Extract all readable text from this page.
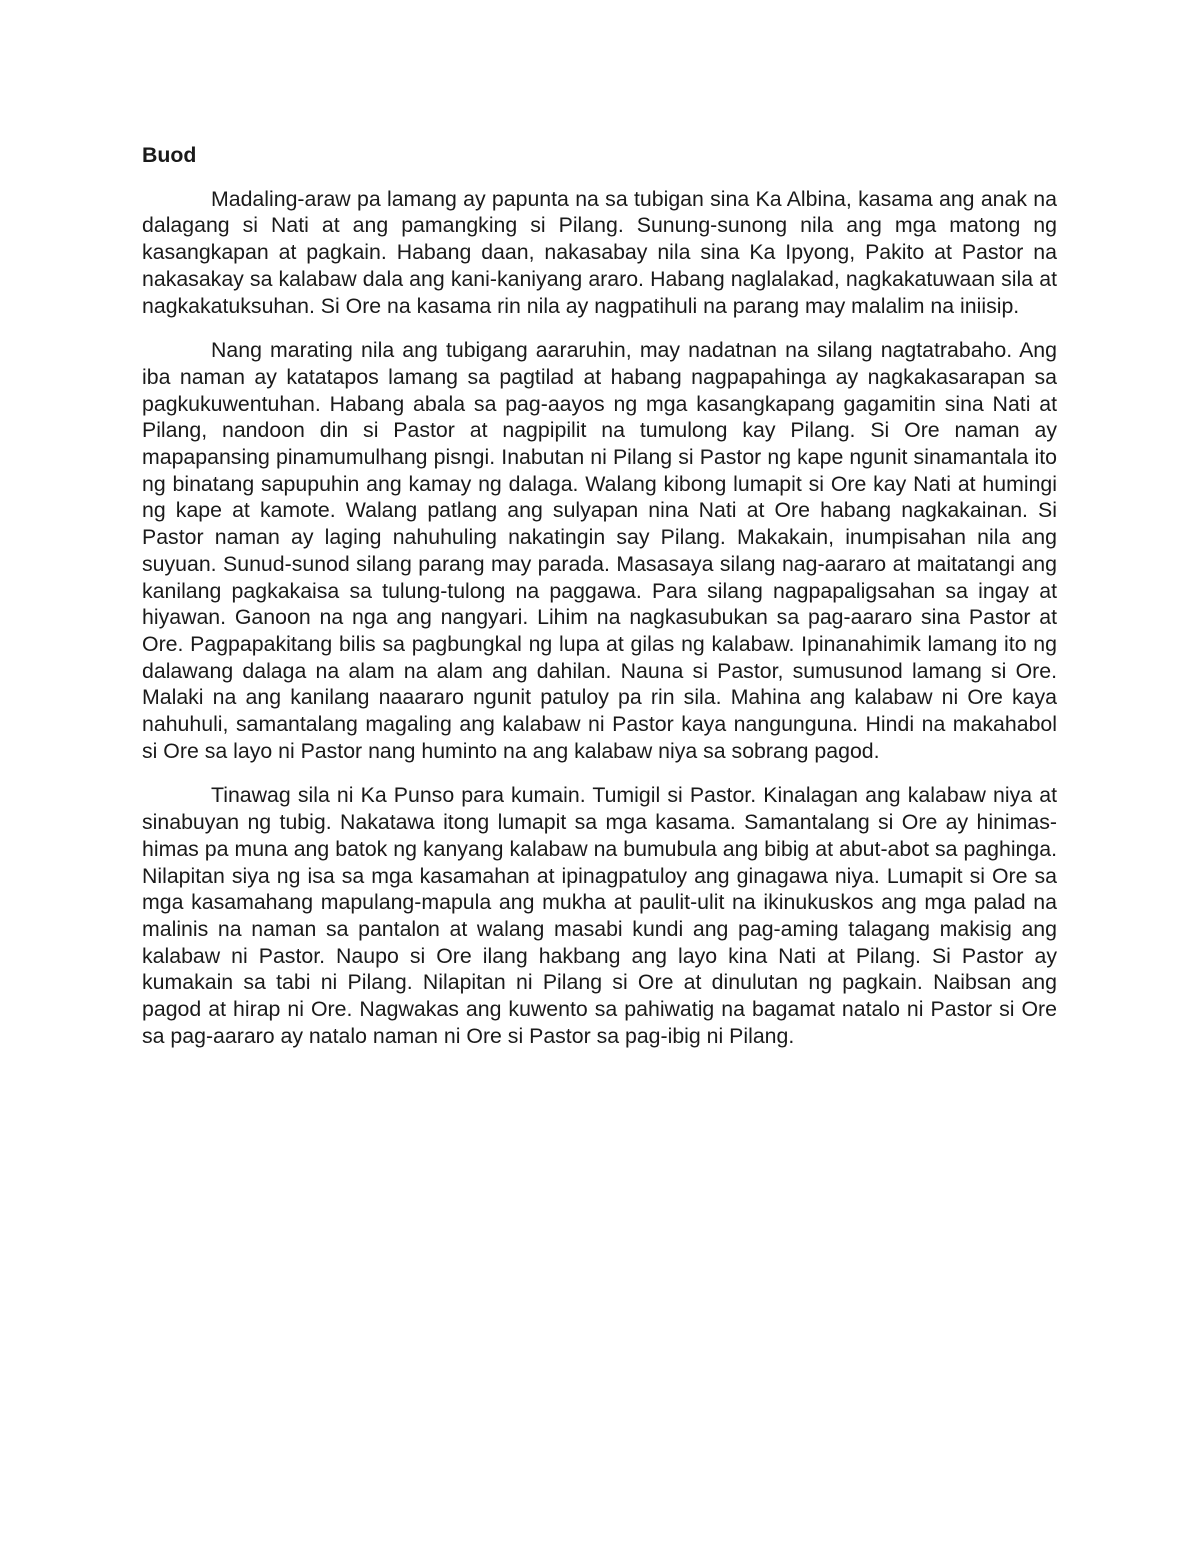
Buod

Madaling-araw pa lamang ay papunta na sa tubigan sina Ka Albina, kasama ang anak na dalagang si Nati at ang pamangking si Pilang. Sunung-sunong nila ang mga matong ng kasangkapan at pagkain. Habang daan, nakasabay nila sina Ka Ipyong, Pakito at Pastor na nakasakay sa kalabaw dala ang kani-kaniyang araro. Habang naglalakad, nagkakatuwaan sila at nagkakatuksuhan. Si Ore na kasama rin nila ay nagpatihuli na parang may malalim na iniisip.

Nang marating nila ang tubigang aararuhin, may nadatnan na silang nagtatrabaho. Ang iba naman ay katatapos lamang sa pagtilad at habang nagpapahinga ay nagkakasarapan sa pagkukuwentuhan. Habang abala sa pag-aayos ng mga kasangkapang gagamitin sina Nati at Pilang, nandoon din si Pastor at nagpipilit na tumulong kay Pilang. Si Ore naman ay mapapansing pinamumulhang pisngi. Inabutan ni Pilang si Pastor ng kape ngunit sinamantala ito ng binatang sapupuhin ang kamay ng dalaga. Walang kibong lumapit si Ore kay Nati at humingi ng kape at kamote. Walang patlang ang sulyapan nina Nati at Ore habang nagkakainan. Si Pastor naman ay laging nahuhuling nakatingin say Pilang. Makakain, inumpisahan nila ang suyuan. Sunud-sunod silang parang may parada. Masasaya silang nag-aararo at maitatangi ang kanilang pagkakaisa sa tulung-tulong na paggawa. Para silang nagpapaligsahan sa ingay at hiyawan. Ganoon na nga ang nangyari. Lihim na nagkasubukan sa pag-aararo sina Pastor at Ore. Pagpapakitang bilis sa pagbungkal ng lupa at gilas ng kalabaw. Ipinanahimik lamang ito ng dalawang dalaga na alam na alam ang dahilan. Nauna si Pastor, sumusunod lamang si Ore. Malaki na ang kanilang naaararo ngunit patuloy pa rin sila. Mahina ang kalabaw ni Ore kaya nahuhuli, samantalang magaling ang kalabaw ni Pastor kaya nangunguna. Hindi na makahabol si Ore sa layo ni Pastor nang huminto na ang kalabaw niya sa sobrang pagod.

Tinawag sila ni Ka Punso para kumain. Tumigil si Pastor. Kinalagan ang kalabaw niya at sinabuyan ng tubig. Nakatawa itong lumapit sa mga kasama. Samantalang si Ore ay hinimas-himas pa muna ang batok ng kanyang kalabaw na bumubula ang bibig at abut-abot sa paghinga. Nilapitan siya ng isa sa mga kasamahan at ipinagpatuloy ang ginagawa niya. Lumapit si Ore sa mga kasamahang mapulang-mapula ang mukha at paulit-ulit na ikinukuskos ang mga palad na malinis na naman sa pantalon at walang masabi kundi ang pag-aming talagang makisig ang kalabaw ni Pastor. Naupo si Ore ilang hakbang ang layo kina Nati at Pilang. Si Pastor ay kumakain sa tabi ni Pilang. Nilapitan ni Pilang si Ore at dinulutan ng pagkain. Naibsan ang pagod at hirap ni Ore. Nagwakas ang kuwento sa pahiwatig na bagamat natalo ni Pastor si Ore sa pag-aararo ay natalo naman ni Ore si Pastor sa pag-ibig ni Pilang.
